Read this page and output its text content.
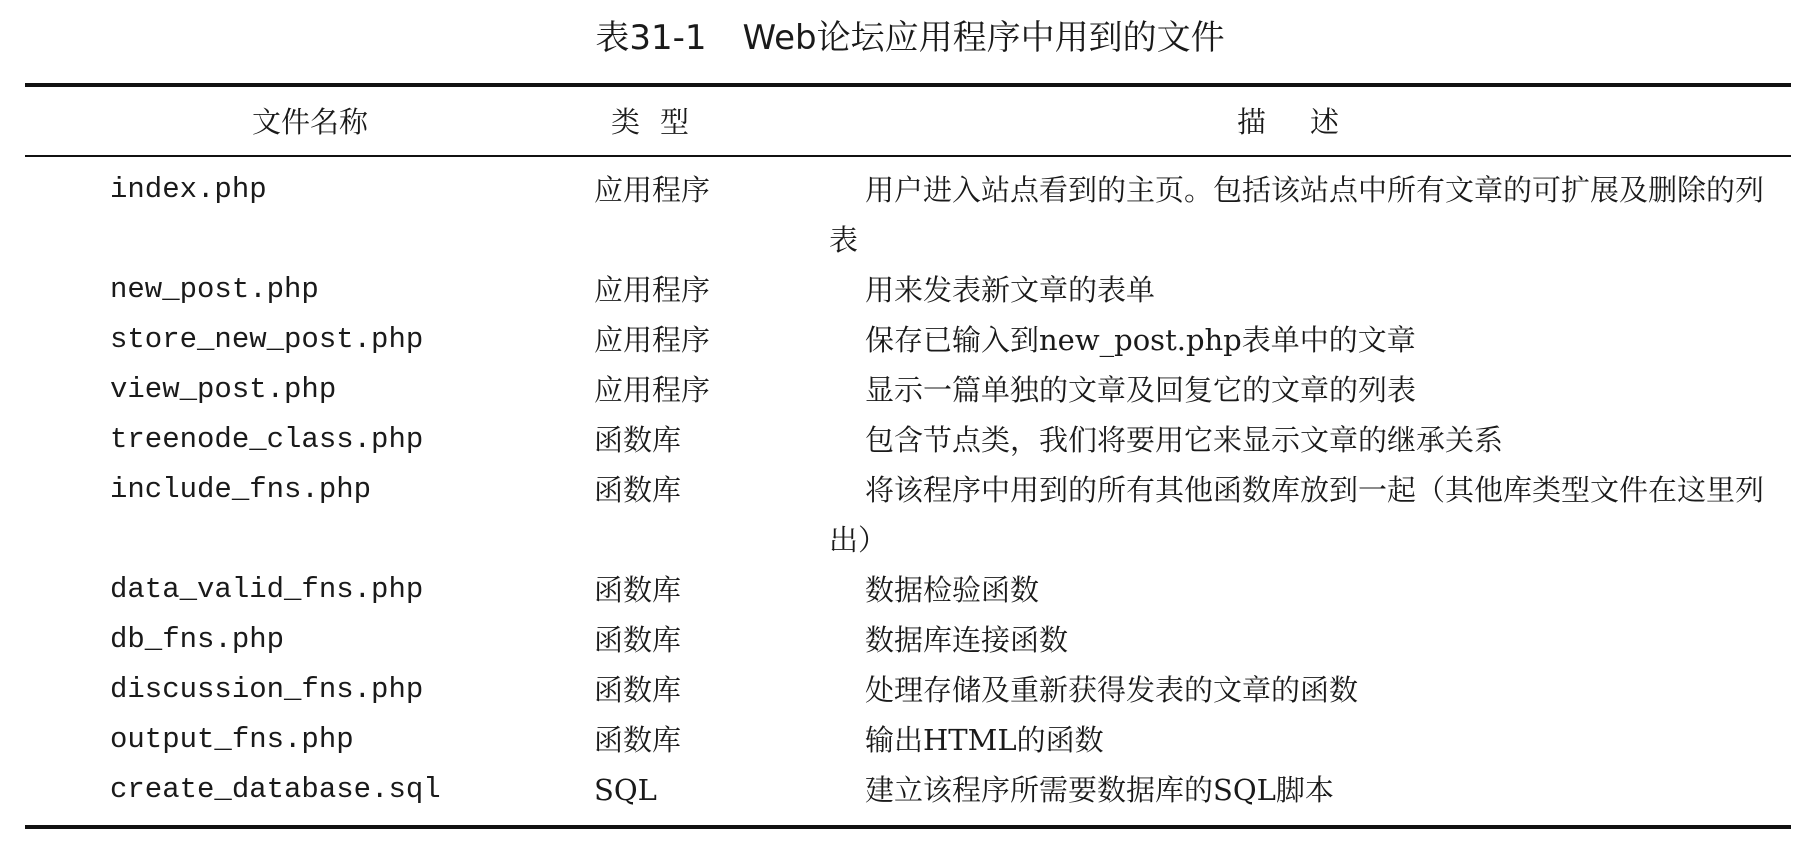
表31-1 Web论坛应用程序中用到的文件
文件名称	类型	描述
index.php	应用程序	用户进入站点看到的主页。包括该站点中所有文章的可扩展及删除的列表
new_post.php	应用程序	用来发表新文章的表单
store_new_post.php	应用程序	保存已输入到new_post.php表单中的文章
view_post.php	应用程序	显示一篇单独的文章及回复它的文章的列表
treenode_class.php	函数库	包含节点类，我们将要用它来显示文章的继承关系
include_fns.php	函数库	将该程序中用到的所有其他函数库放到一起（其他库类型文件在这里列出）
data_valid_fns.php	函数库	数据检验函数
db_fns.php	函数库	数据库连接函数
discussion_fns.php	函数库	处理存储及重新获得发表的文章的函数
output_fns.php	函数库	输出HTML的函数
create_database.sql	SQL	建立该程序所需要数据库的SQL脚本
